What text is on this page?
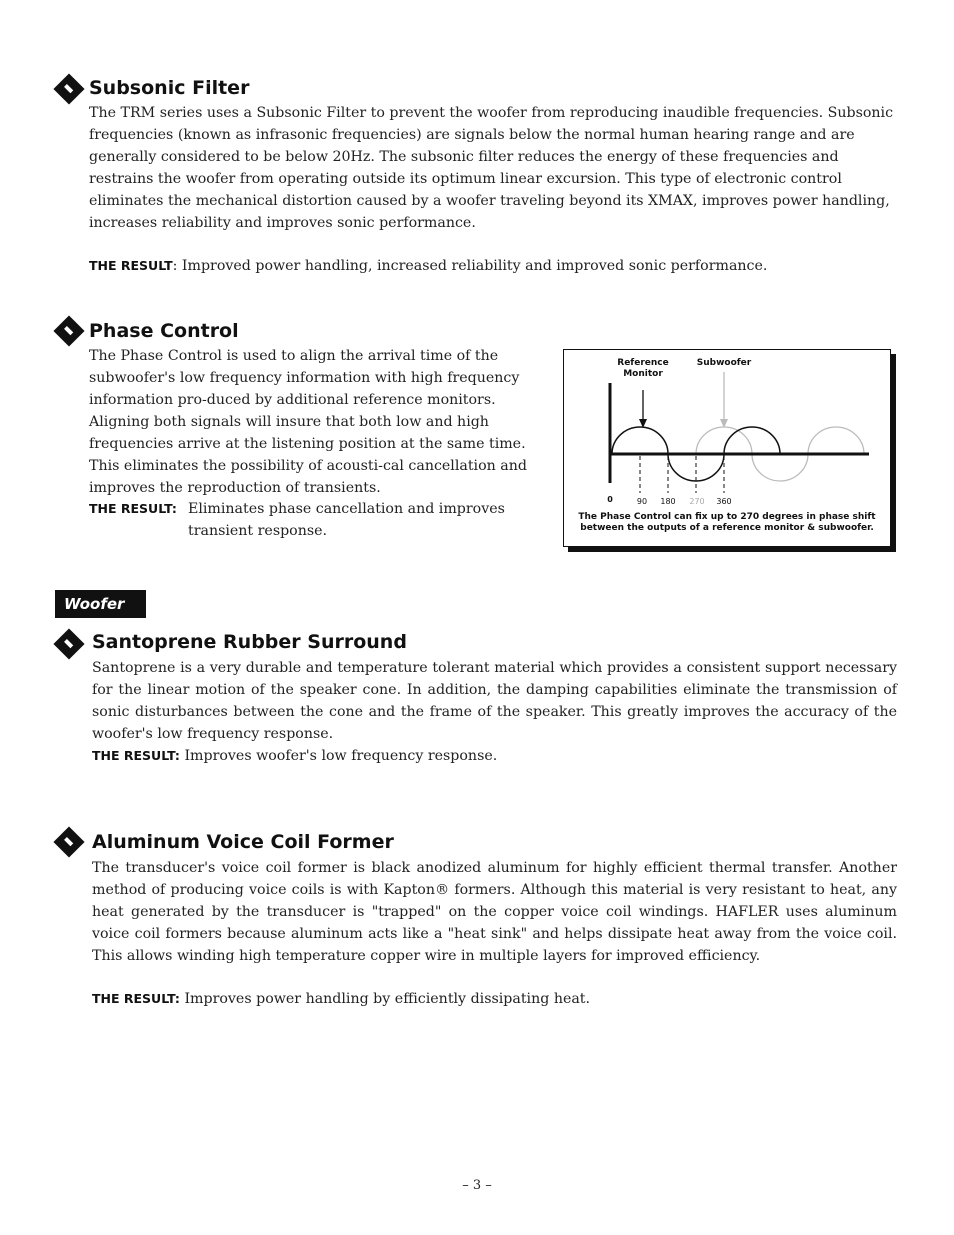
Subsonic Filter

The TRM series uses a Subsonic Filter to prevent the woofer from reproducing inaudible frequencies. Subsonic frequencies (known as infrasonic frequencies) are signals below the normal human hearing range and are generally considered to be below 20Hz. The subsonic filter reduces the energy of these frequencies and restrains the woofer from operating outside its optimum linear excursion. This type of electronic control eliminates the mechanical distortion caused by a woofer traveling beyond its XMAX, improves power handling, increases reliability and improves sonic performance.

THE RESULT: Improved power handling, increased reliability and improved sonic performance.

Phase Control

The Phase Control is used to align the arrival time of the subwoofer's low frequency information with high frequency information pro-duced by additional reference monitors. Aligning both signals will insure that both low and high frequencies arrive at the listening position at the same time. This eliminates the possibility of acousti-cal cancellation and improves the reproduction of transients.

THE RESULT: Eliminates phase cancellation and improves transient response.
Reference
Monitor
Subwoofer
0	90 180 270 360
The Phase Control can fix up to 270 degrees in phase shift
between the outputs of a reference monitor & subwoofer.
Woofer
Santoprene Rubber Surround

Santoprene is a very durable and temperature tolerant material which provides a consistent support necessary for the linear motion of the speaker cone. In addition, the damping capabilities eliminate the transmission of sonic disturbances between the cone and the frame of the speaker. This greatly improves the accuracy of the woofer's low frequency response.

THE RESULT: Improves woofer's low frequency response.

Aluminum Voice Coil Former

The transducer's voice coil former is black anodized aluminum for highly efficient thermal transfer. Another method of producing voice coils is with Kapton® formers. Although this material is very resistant to heat, any heat generated by the transducer is "trapped" on the copper voice coil windings. HAFLER uses aluminum voice coil formers because aluminum acts like a "heat sink" and helps dissipate heat away from the voice coil. This allows winding high temperature copper wire in multiple layers for improved efficiency.

THE RESULT: Improves power handling by efficiently dissipating heat.

– 3 –
